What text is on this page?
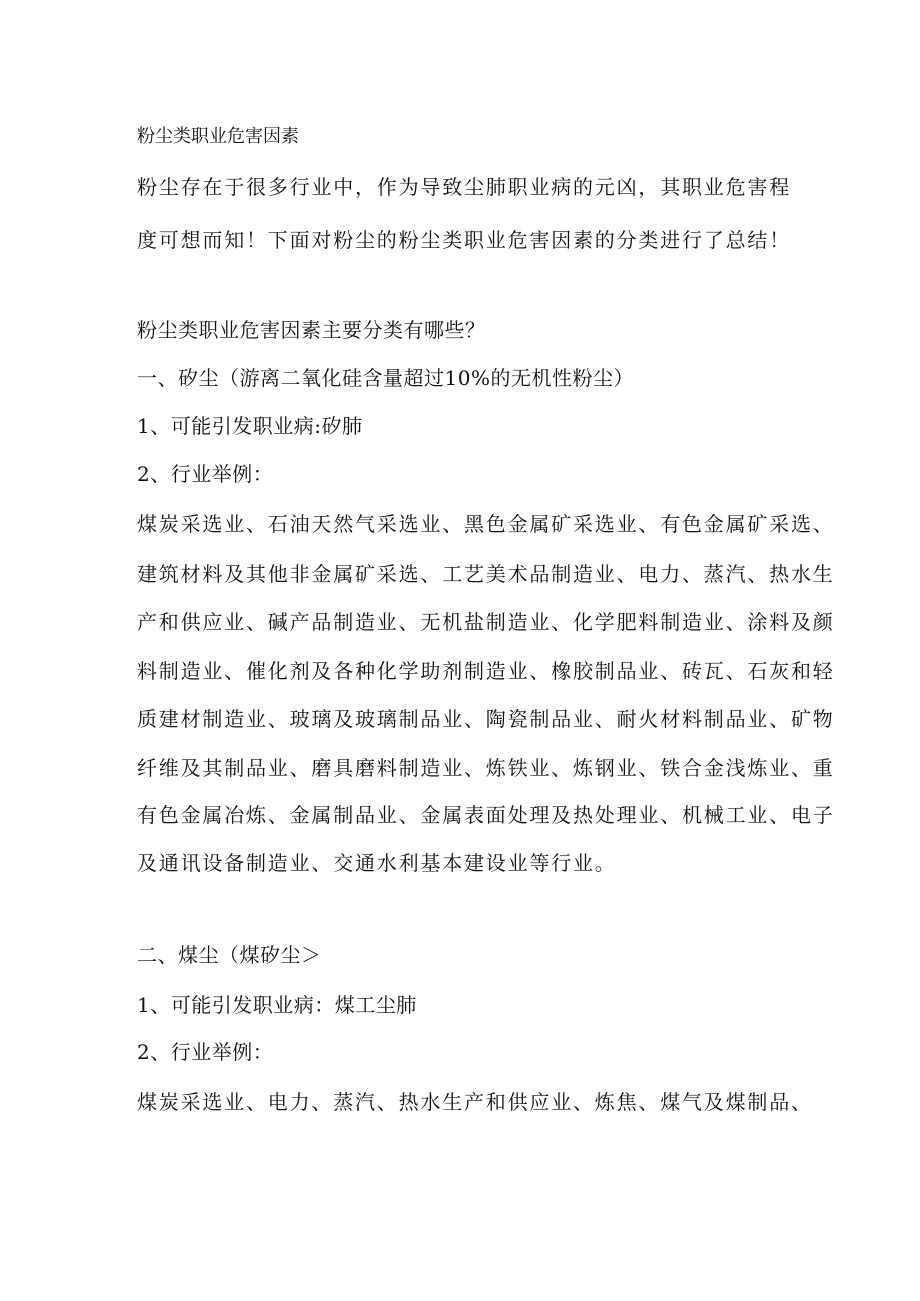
粉尘类职业危害因素
粉尘存在于很多行业中，作为导致尘肺职业病的元凶，其职业危害程
度可想而知！下面对粉尘的粉尘类职业危害因素的分类进行了总结！
粉尘类职业危害因素主要分类有哪些？
一、矽尘（游离二氧化硅含量超过10%的无机性粉尘）
1、可能引发职业病:矽肺
2、行业举例：
煤炭采选业、石油天然气采选业、黑色金属矿采选业、有色金属矿采选、
建筑材料及其他非金属矿采选、工艺美术品制造业、电力、蒸汽、热水生
产和供应业、碱产品制造业、无机盐制造业、化学肥料制造业、涂料及颜
料制造业、催化剂及各种化学助剂制造业、橡胶制品业、砖瓦、石灰和轻
质建材制造业、玻璃及玻璃制品业、陶瓷制品业、耐火材料制品业、矿物
纤维及其制品业、磨具磨料制造业、炼铁业、炼钢业、铁合金浅炼业、重
有色金属冶炼、金属制品业、金属表面处理及热处理业、机械工业、电子
及通讯设备制造业、交通水利基本建设业等行业。
二、煤尘（煤矽尘＞
1、可能引发职业病：煤工尘肺
2、行业举例：
煤炭采选业、电力、蒸汽、热水生产和供应业、炼焦、煤气及煤制品、
